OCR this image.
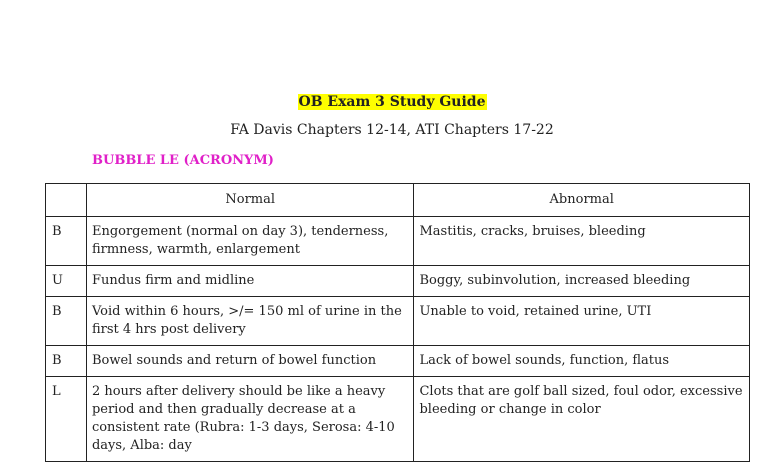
OB Exam 3 Study Guide
FA Davis Chapters 12-14, ATI Chapters 17-22
BUBBLE LE (ACRONYM)
	Normal	Abnormal
B	Engorgement (normal on day 3), tenderness, firmness, warmth, enlargement	Mastitis, cracks, bruises, bleeding
U	Fundus firm and midline	Boggy, subinvolution, increased bleeding
B	Void within 6 hours, >/= 150 ml of urine in the first 4 hrs post delivery	Unable to void, retained urine, UTI
B	Bowel sounds and return of bowel function	Lack of bowel sounds, function, flatus
L	2 hours after delivery should be like a heavy period and then gradually decrease at a consistent rate (Rubra: 1-3 days, Serosa: 4-10 days, Alba: day	Clots that are golf ball sized, foul odor, excessive bleeding or change in color
